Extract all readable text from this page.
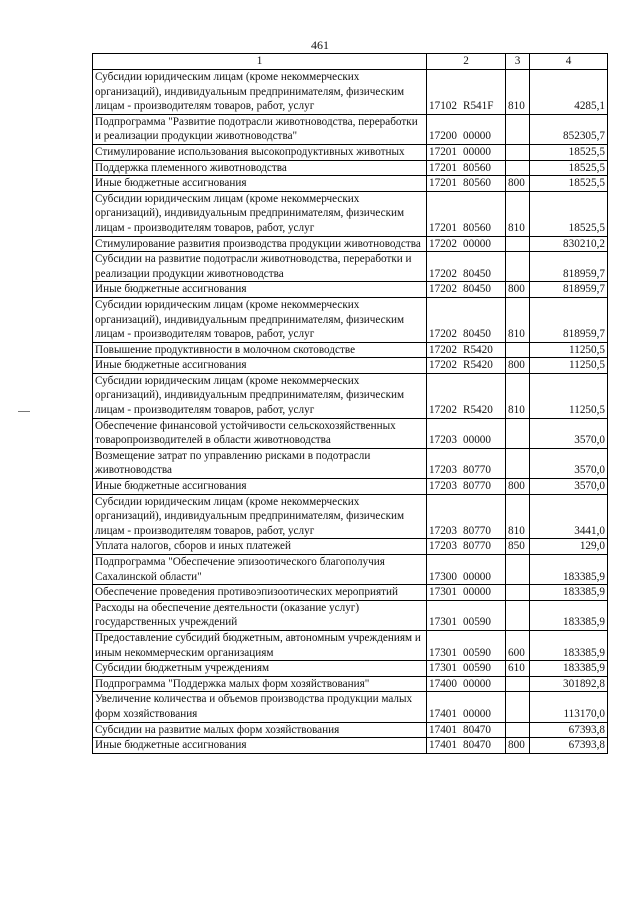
461
1	2	3	4
Субсидии юридическим лицам (кроме некоммерческих организаций), индивидуальным предпринимателям, физическим лицам - производителям товаров, работ, услуг	17102 R541F	810	4285,1
Подпрограмма "Развитие подотрасли животноводства, переработки и реализации продукции животноводства"	17200 00000		852305,7
Стимулирование использования высокопродуктивных животных	17201 00000		18525,5
Поддержка племенного животноводства	17201 80560		18525,5
Иные бюджетные ассигнования	17201 80560	800	18525,5
Субсидии юридическим лицам (кроме некоммерческих организаций), индивидуальным предпринимателям, физическим лицам - производителям товаров, работ, услуг	17201 80560	810	18525,5
Стимулирование развития производства продукции животноводства	17202 00000		830210,2
Субсидии на развитие подотрасли животноводства, переработки и реализации продукции животноводства	17202 80450		818959,7
Иные бюджетные ассигнования	17202 80450	800	818959,7
Субсидии юридическим лицам (кроме некоммерческих организаций), индивидуальным предпринимателям, физическим лицам - производителям товаров, работ, услуг	17202 80450	810	818959,7
Повышение продуктивности в молочном скотоводстве	17202 R5420		11250,5
Иные бюджетные ассигнования	17202 R5420	800	11250,5
Субсидии юридическим лицам (кроме некоммерческих организаций), индивидуальным предпринимателям, физическим лицам - производителям товаров, работ, услуг	17202 R5420	810	11250,5
Обеспечение финансовой устойчивости сельскохозяйственных товаропроизводителей в области животноводства	17203 00000		3570,0
Возмещение затрат по управлению рисками в подотрасли животноводства	17203 80770		3570,0
Иные бюджетные ассигнования	17203 80770	800	3570,0
Субсидии юридическим лицам (кроме некоммерческих организаций), индивидуальным предпринимателям, физическим лицам - производителям товаров, работ, услуг	17203 80770	810	3441,0
Уплата налогов, сборов и иных платежей	17203 80770	850	129,0
Подпрограмма "Обеспечение эпизоотического благополучия Сахалинской области"	17300 00000		183385,9
Обеспечение проведения противоэпизоотических мероприятий	17301 00000		183385,9
Расходы на обеспечение деятельности (оказание услуг) государственных учреждений	17301 00590		183385,9
Предоставление субсидий бюджетным, автономным учреждениям и иным некоммерческим организациям	17301 00590	600	183385,9
Субсидии бюджетным учреждениям	17301 00590	610	183385,9
Подпрограмма "Поддержка малых форм хозяйствования"	17400 00000		301892,8
Увеличение количества и объемов производства продукции малых форм хозяйствования	17401 00000		113170,0
Субсидии на развитие малых форм хозяйствования	17401 80470		67393,8
Иные бюджетные ассигнования	17401 80470	800	67393,8
